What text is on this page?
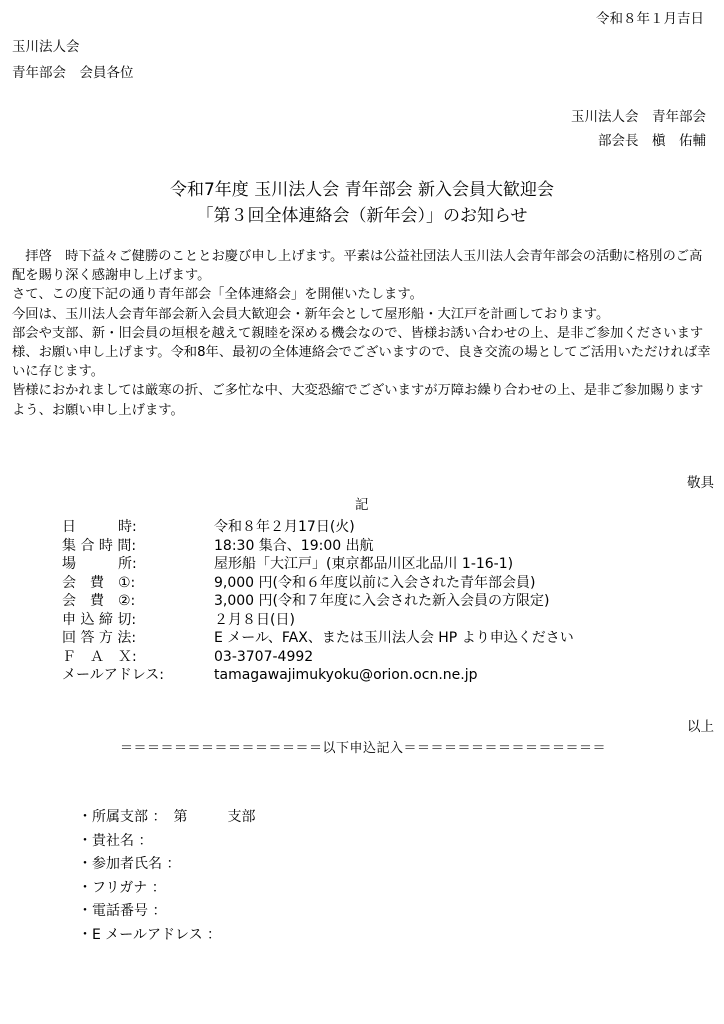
令和８年１月吉日
玉川法人会
青年部会　会員各位
玉川法人会　青年部会
部会長　槇　佑輔
令和7年度 玉川法人会 青年部会 新入会員大歓迎会
「第３回全体連絡会（新年会）」のお知らせ

　拝啓　時下益々ご健勝のこととお慶び申し上げます。平素は公益社団法人玉川法人会青年部会の活動に格別のご高配を賜り深く感謝申し上げます。

さて、この度下記の通り青年部会「全体連絡会」を開催いたします。

今回は、玉川法人会青年部会新入会員大歓迎会・新年会として屋形船・大江戸を計画しております。

部会や支部、新・旧会員の垣根を越えて親睦を深める機会なので、皆様お誘い合わせの上、是非ご参加くださいます様、お願い申し上げます。令和8年、最初の全体連絡会でございますので、良き交流の場としてご活用いただければ幸いに存じます。

皆様におかれましては厳寒の折、ご多忙な中、大変恐縮でございますが万障お繰り合わせの上、是非ご参加賜りますよう、お願い申し上げます。

敬具
記
日　　　時:	令和８年２月17日(火)
集 合 時 間:	18:30 集合、19:00 出航
場　　　所:	屋形船「大江戸」(東京都品川区北品川 1-16-1)
会　費　①:	9,000 円(令和６年度以前に入会された青年部会員)
会　費　②:	3,000 円(令和７年度に入会された新入会員の方限定)
申 込 締 切:	２月８日(日)
回 答 方 法:	E メール、FAX、または玉川法人会 HP より申込ください
Ｆ　Ａ　Ｘ:	03-3707-4992
メールアドレス:	tamagawajimukyoku@orion.ocn.ne.jp
以上
＝＝＝＝＝＝＝＝＝＝＝＝＝＝＝以下申込記入＝＝＝＝＝＝＝＝＝＝＝＝＝＝＝
・所属支部 ：　第	支部
・貴社名 ：
・参加者氏名 ：
・フリガナ ：
・電話番号 ：
・E メールアドレス ：
